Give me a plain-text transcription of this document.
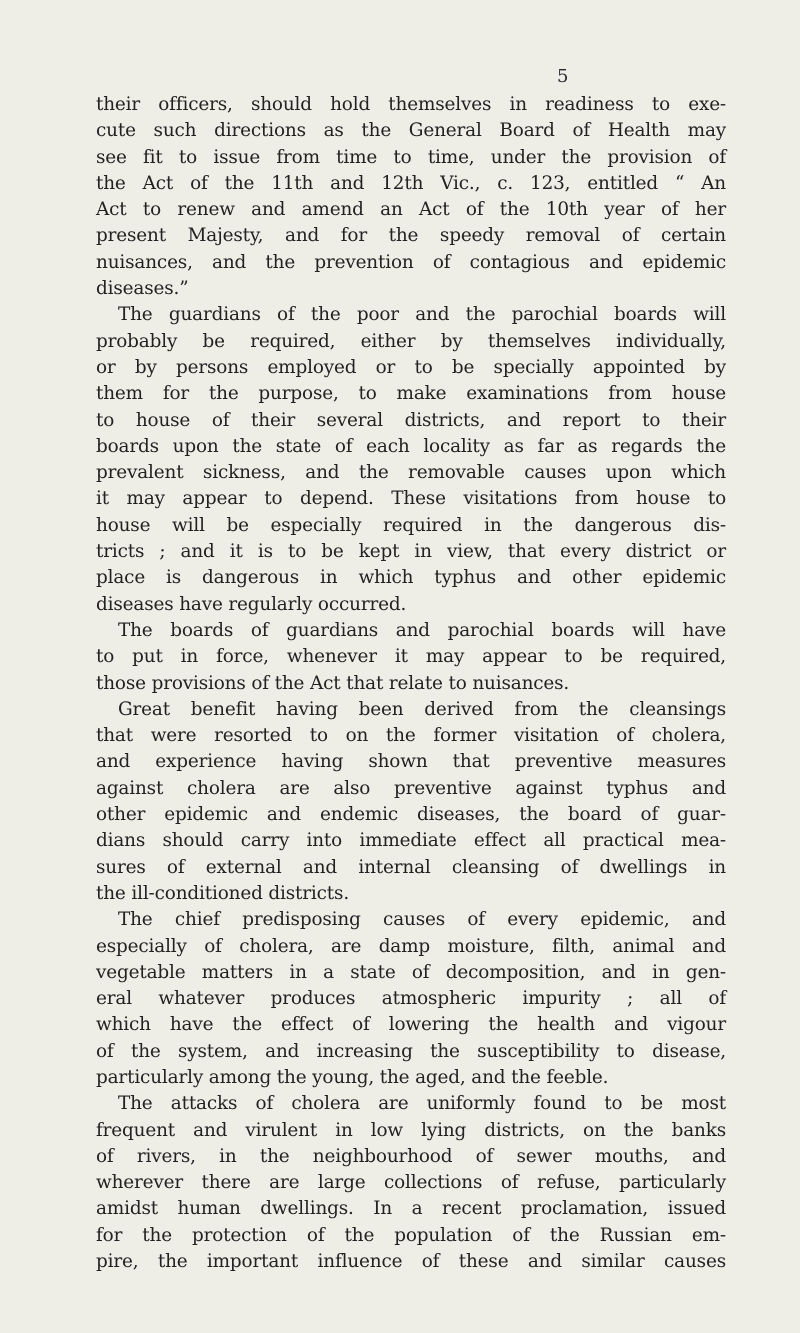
5
their officers, should hold themselves in readiness to exe-
cute such directions as the General Board of Health may
see fit to issue from time to time, under the provision of
the Act of the 11th and 12th Vic., c. 123, entitled “ An
Act to renew and amend an Act of the 10th year of her
present Majesty, and for the speedy removal of certain
nuisances, and the prevention of contagious and epidemic
diseases.”
The guardians of the poor and the parochial boards will
probably be required, either by themselves individually,
or by persons employed or to be specially appointed by
them for the purpose, to make examinations from house
to house of their several districts, and report to their
boards upon the state of each locality as far as regards the
prevalent sickness, and the removable causes upon which
it may appear to depend. These visitations from house to
house will be especially required in the dangerous dis-
tricts ; and it is to be kept in view, that every district or
place is dangerous in which typhus and other epidemic
diseases have regularly occurred.
The boards of guardians and parochial boards will have
to put in force, whenever it may appear to be required,
those provisions of the Act that relate to nuisances.
Great benefit having been derived from the cleansings
that were resorted to on the former visitation of cholera,
and experience having shown that preventive measures
against cholera are also preventive against typhus and
other epidemic and endemic diseases, the board of guar-
dians should carry into immediate effect all practical mea-
sures of external and internal cleansing of dwellings in
the ill-conditioned districts.
The chief predisposing causes of every epidemic, and
especially of cholera, are damp moisture, filth, animal and
vegetable matters in a state of decomposition, and in gen-
eral whatever produces atmospheric impurity ; all of
which have the effect of lowering the health and vigour
of the system, and increasing the susceptibility to disease,
particularly among the young, the aged, and the feeble.
The attacks of cholera are uniformly found to be most
frequent and virulent in low lying districts, on the banks
of rivers, in the neighbourhood of sewer mouths, and
wherever there are large collections of refuse, particularly
amidst human dwellings. In a recent proclamation, issued
for the protection of the population of the Russian em-
pire, the important influence of these and similar causes
